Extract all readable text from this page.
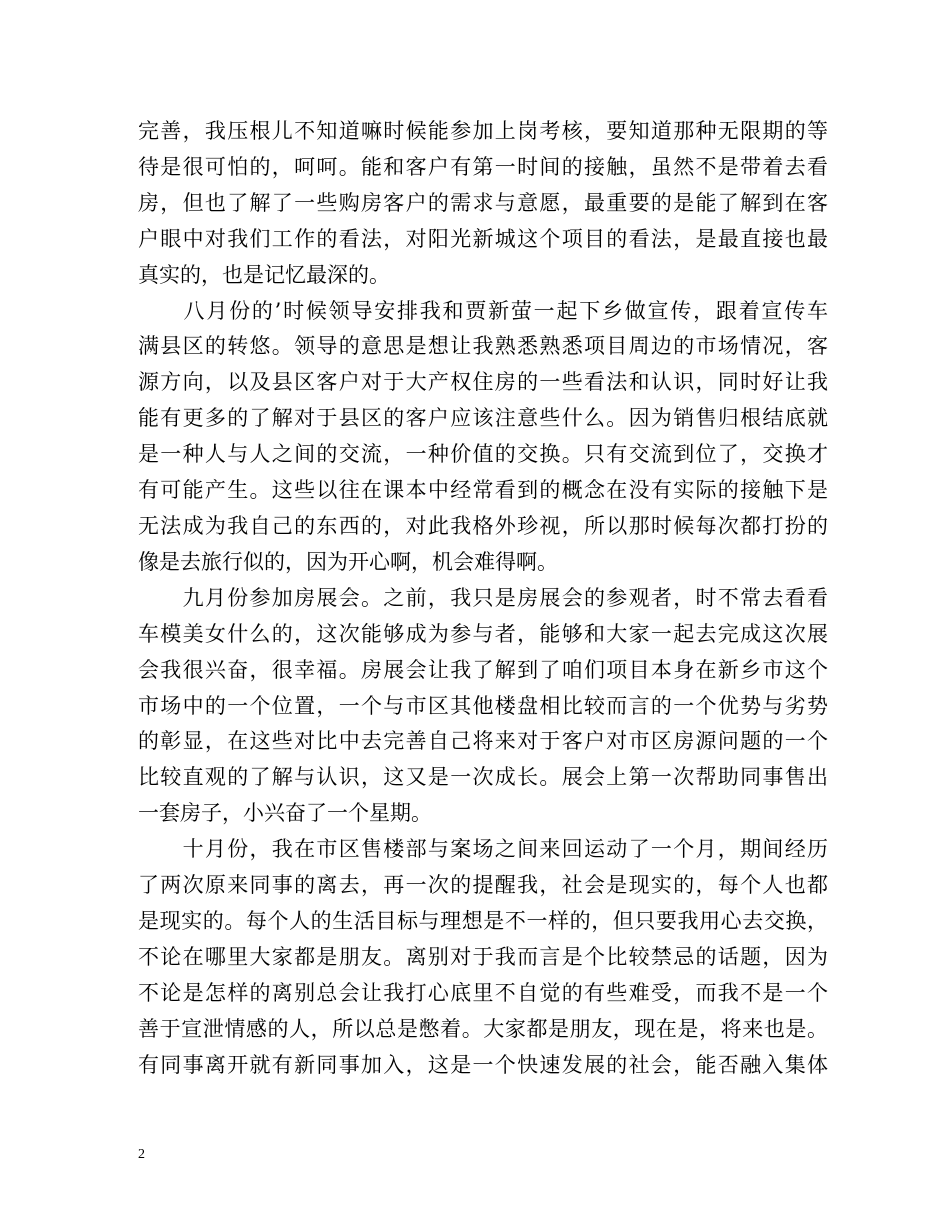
完善，我压根儿不知道嘛时候能参加上岗考核，要知道那种无限期的等
待是很可怕的，呵呵。能和客户有第一时间的接触，虽然不是带着去看
房，但也了解了一些购房客户的需求与意愿，最重要的是能了解到在客
户眼中对我们工作的看法，对阳光新城这个项目的看法，是最直接也最
真实的，也是记忆最深的。
　　八月份的’时候领导安排我和贾新萤一起下乡做宣传，跟着宣传车
满县区的转悠。领导的意思是想让我熟悉熟悉项目周边的市场情况，客
源方向，以及县区客户对于大产权住房的一些看法和认识，同时好让我
能有更多的了解对于县区的客户应该注意些什么。因为销售归根结底就
是一种人与人之间的交流，一种价值的交换。只有交流到位了，交换才
有可能产生。这些以往在课本中经常看到的概念在没有实际的接触下是
无法成为我自己的东西的，对此我格外珍视，所以那时候每次都打扮的
像是去旅行似的，因为开心啊，机会难得啊。
　　九月份参加房展会。之前，我只是房展会的参观者，时不常去看看
车模美女什么的，这次能够成为参与者，能够和大家一起去完成这次展
会我很兴奋，很幸福。房展会让我了解到了咱们项目本身在新乡市这个
市场中的一个位置，一个与市区其他楼盘相比较而言的一个优势与劣势
的彰显，在这些对比中去完善自己将来对于客户对市区房源问题的一个
比较直观的了解与认识，这又是一次成长。展会上第一次帮助同事售出
一套房子，小兴奋了一个星期。
　　十月份，我在市区售楼部与案场之间来回运动了一个月，期间经历
了两次原来同事的离去，再一次的提醒我，社会是现实的，每个人也都
是现实的。每个人的生活目标与理想是不一样的，但只要我用心去交换，
不论在哪里大家都是朋友。离别对于我而言是个比较禁忌的话题，因为
不论是怎样的离别总会让我打心底里不自觉的有些难受，而我不是一个
善于宣泄情感的人，所以总是憋着。大家都是朋友，现在是，将来也是。
有同事离开就有新同事加入，这是一个快速发展的社会，能否融入集体
2
